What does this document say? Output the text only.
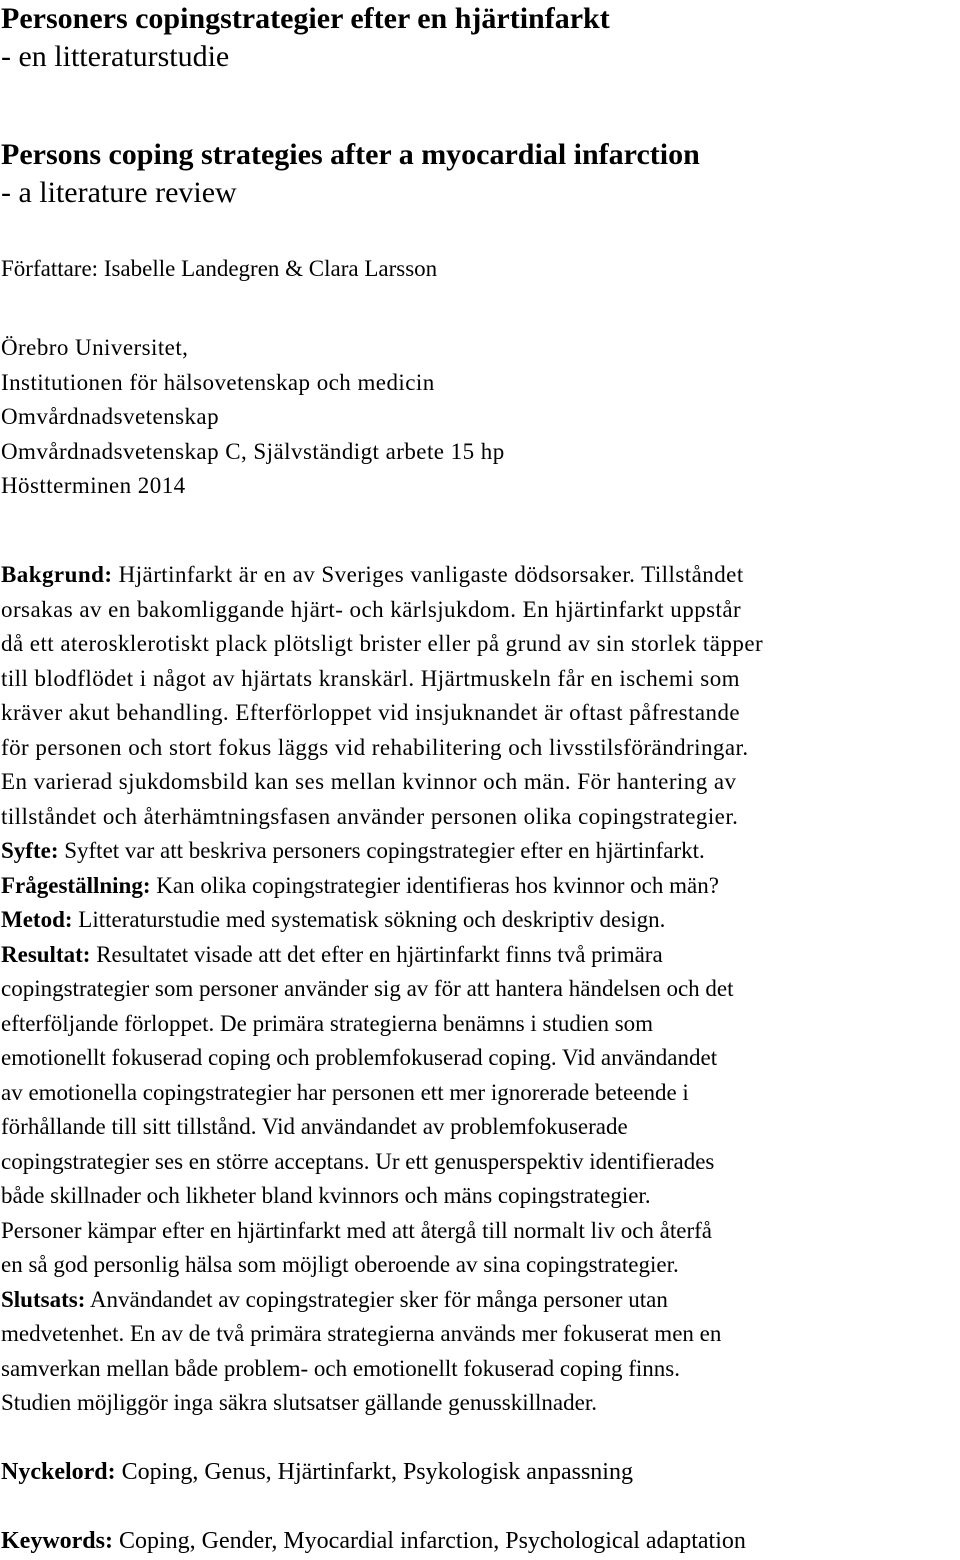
Personers copingstrategier efter en hjärtinfarkt
- en litteraturstudie
Persons coping strategies after a myocardial infarction
- a literature review
Författare: Isabelle Landegren & Clara Larsson
Örebro Universitet,
Institutionen för hälsovetenskap och medicin
Omvårdnadsvetenskap
Omvårdnadsvetenskap C, Självständigt arbete 15 hp
Höstterminen 2014
Bakgrund: Hjärtinfarkt är en av Sveriges vanligaste dödsorsaker. Tillståndet
orsakas av en bakomliggande hjärt- och kärlsjukdom. En hjärtinfarkt uppstår
då ett aterosklerotiskt plack plötsligt brister eller på grund av sin storlek täpper
till blodflödet i något av hjärtats kranskärl. Hjärtmuskeln får en ischemi som
kräver akut behandling. Efterförloppet vid insjuknandet är oftast påfrestande
för personen och stort fokus läggs vid rehabilitering och livsstilsförändringar.
En varierad sjukdomsbild kan ses mellan kvinnor och män. För hantering av
tillståndet och återhämtningsfasen använder personen olika copingstrategier.
Syfte: Syftet var att beskriva personers copingstrategier efter en hjärtinfarkt.
Frågeställning: Kan olika copingstrategier identifieras hos kvinnor och män?
Metod: Litteraturstudie med systematisk sökning och deskriptiv design.
Resultat: Resultatet visade att det efter en hjärtinfarkt finns två primära
copingstrategier som personer använder sig av för att hantera händelsen och det
efterföljande förloppet. De primära strategierna benämns i studien som
emotionellt fokuserad coping och problemfokuserad coping. Vid användandet
av emotionella copingstrategier har personen ett mer ignorerade beteende i
förhållande till sitt tillstånd. Vid användandet av problemfokuserade
copingstrategier ses en större acceptans. Ur ett genusperspektiv identifierades
både skillnader och likheter bland kvinnors och mäns copingstrategier.
Personer kämpar efter en hjärtinfarkt med att återgå till normalt liv och återfå
en så god personlig hälsa som möjligt oberoende av sina copingstrategier.
Slutsats: Användandet av copingstrategier sker för många personer utan
medvetenhet. En av de två primära strategierna används mer fokuserat men en
samverkan mellan både problem- och emotionellt fokuserad coping finns.
Studien möjliggör inga säkra slutsatser gällande genusskillnader.
Nyckelord: Coping, Genus, Hjärtinfarkt, Psykologisk anpassning
Keywords: Coping, Gender, Myocardial infarction, Psychological adaptation
